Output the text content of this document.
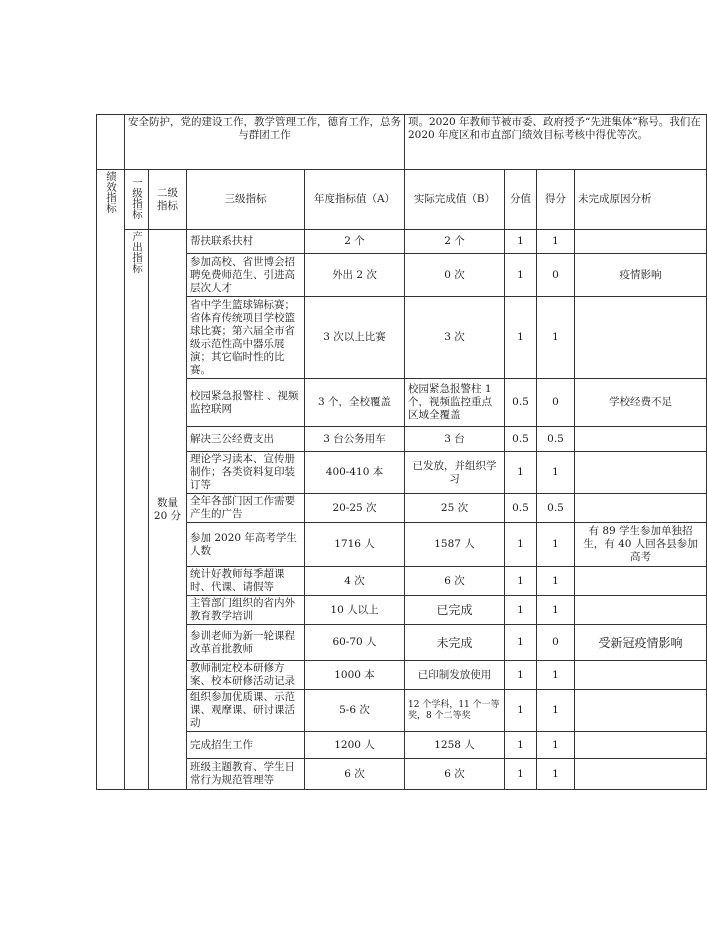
	安全防护，党的建设工作，教学管理工作，德育工作，总务与群团工作				项。2020 年教师节被市委、政府授予“先进集体”称号。我们在 2020 年度区和市直部门绩效目标考核中得优等次。			
绩效指标	一级指标	二级指标	三级指标	年度指标值（A）	实际完成值（B）	分值	得分	未完成原因分析
	产出指标	数量 20 分	帮扶联系扶村	2 个	2 个	1	1	
			参加高校、省世博会招聘免费师范生、引进高层次人才	外出 2 次	0 次	1	0	疫情影响
			省中学生篮球锦标赛；省体育传统项目学校篮球比赛；第六届全市省级示范性高中器乐展演；其它临时性的比赛。	3 次以上比赛	3 次	1	1	
			校园紧急报警柱 、视频监控联网	3 个，全校覆盖	校园紧急报警柱 1 个，视频监控重点区域全覆盖	0.5	0	学校经费不足
			解决三公经费支出	3 台公务用车	3 台	0.5	0.5	
			理论学习读本、宣传册制作；各类资料复印装订等	400-410 本	已发放，并组织学习	1	1	
			全年各部门因工作需要产生的广告	20-25 次	25 次	0.5	0.5	
			参加 2020 年高考学生人数	1716 人	1587 人	1	1	有 89 学生参加单独招生，有 40 人回各县参加高考
			统计好教师每季超课时、代课、请假等	4 次	6 次	1	1	
			主管部门组织的省内外教育教学培训	10 人以上	已完成	1	1	
			参训老师为新一轮课程改革首批教师	60-70 人	未完成	1	0	受新冠疫情影响
			教师制定校本研修方案、校本研修活动记录	1000 本	已印制发放使用	1	1	
			组织参加优质课、示范课、观摩课、研讨课活动	5-6 次	12 个学科，11 个一等奖，8 个二等奖	1	1	
			完成招生工作	1200 人	1258 人	1	1	
			班级主题教育、学生日常行为规范管理等	6 次	6 次	1	1	
